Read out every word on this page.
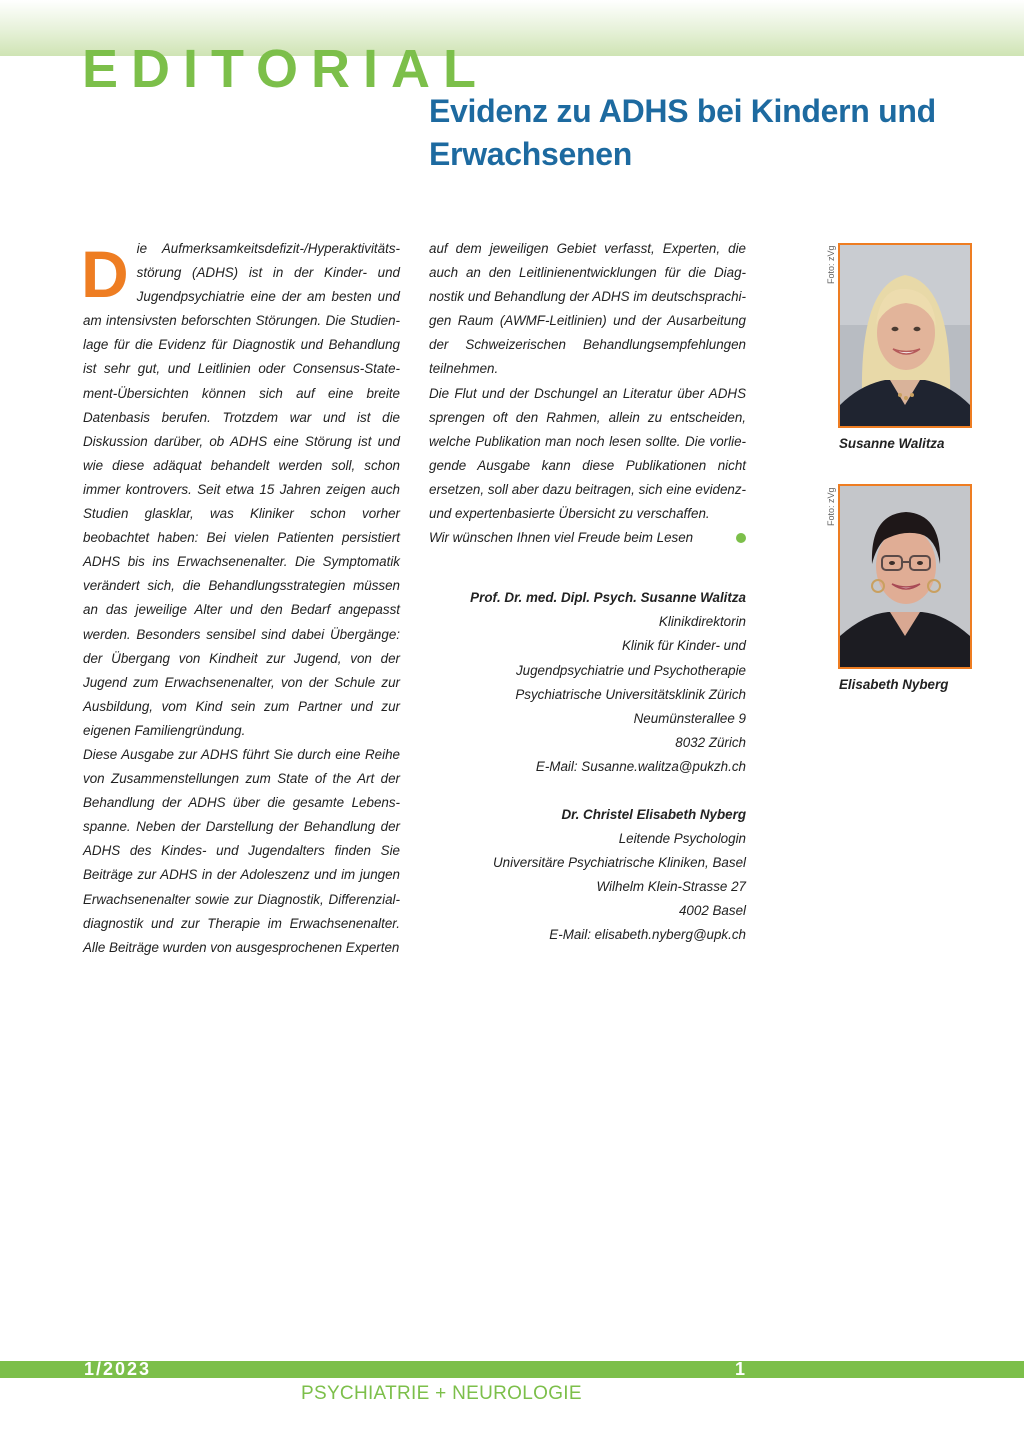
EDITORIAL
Evidenz zu ADHS bei Kindern und Erwachsenen

Die Aufmerksamkeitsdefizit-/Hyperaktivitätsstörung (ADHS) ist in der Kinder- und Jugendpsychiatrie eine der am besten und am intensivsten beforschten Störungen. Die Studienlage für die Evidenz für Diagnostik und Behandlung ist sehr gut, und Leitlinien oder Consensus-Statement-Übersichten können sich auf eine breite Datenbasis berufen. Trotzdem war und ist die Diskussion darüber, ob ADHS eine Störung ist und wie diese adäquat behandelt werden soll, schon immer kontrovers. Seit etwa 15 Jahren zeigen auch Studien glasklar, was Kliniker schon vorher beobachtet haben: Bei vielen Patienten persistiert ADHS bis ins Erwachsenenalter. Die Symptomatik verändert sich, die Behandlungsstrategien müssen an das jeweilige Alter und den Bedarf angepasst werden. Besonders sensibel sind dabei Übergänge: der Übergang von Kindheit zur Jugend, von der Jugend zum Erwachsenenalter, von der Schule zur Ausbildung, vom Kind sein zum Partner und zur eigenen Familiengründung.

Diese Ausgabe zur ADHS führt Sie durch eine Reihe von Zusammenstellungen zum State of the Art der Behandlung der ADHS über die gesamte Lebensspanne. Neben der Darstellung der Behandlung der ADHS des Kindes- und Jugendalters finden Sie Beiträge zur ADHS in der Adoleszenz und im jungen Erwachsenenalter sowie zur Diagnostik, Differenzialdiagnostik und zur Therapie im Erwachsenenalter. Alle Beiträge wurden von ausgesprochenen Experten

auf dem jeweiligen Gebiet verfasst, Experten, die auch an den Leitlinienentwicklungen für die Diagnostik und Behandlung der ADHS im deutschsprachigen Raum (AWMF-Leitlinien) und der Ausarbeitung der Schweizerischen Behandlungsempfehlungen teilnehmen.

Die Flut und der Dschungel an Literatur über ADHS sprengen oft den Rahmen, allein zu entscheiden, welche Publikation man noch lesen sollte. Die vorliegende Ausgabe kann diese Publikationen nicht ersetzen, soll aber dazu beitragen, sich eine evidenz- und expertenbasierte Übersicht zu verschaffen.

Wir wünschen Ihnen viel Freude beim Lesen

Prof. Dr. med. Dipl. Psych. Susanne Walitza
Klinikdirektorin
Klinik für Kinder- und
Jugendpsychiatrie und Psychotherapie
Psychiatrische Universitätsklinik Zürich
Neumünsterallee 9
8032 Zürich
E-Mail: Susanne.walitza@pukzh.ch
Dr. Christel Elisabeth Nyberg
Leitende Psychologin
Universitäre Psychiatrische Kliniken, Basel
Wilhelm Klein-Strasse 27
4002 Basel
E-Mail: elisabeth.nyberg@upk.ch
Foto: zVg
Susanne Walitza
Foto: zVg
Elisabeth Nyberg
1/2023	1
PSYCHIATRIE + NEUROLOGIE
